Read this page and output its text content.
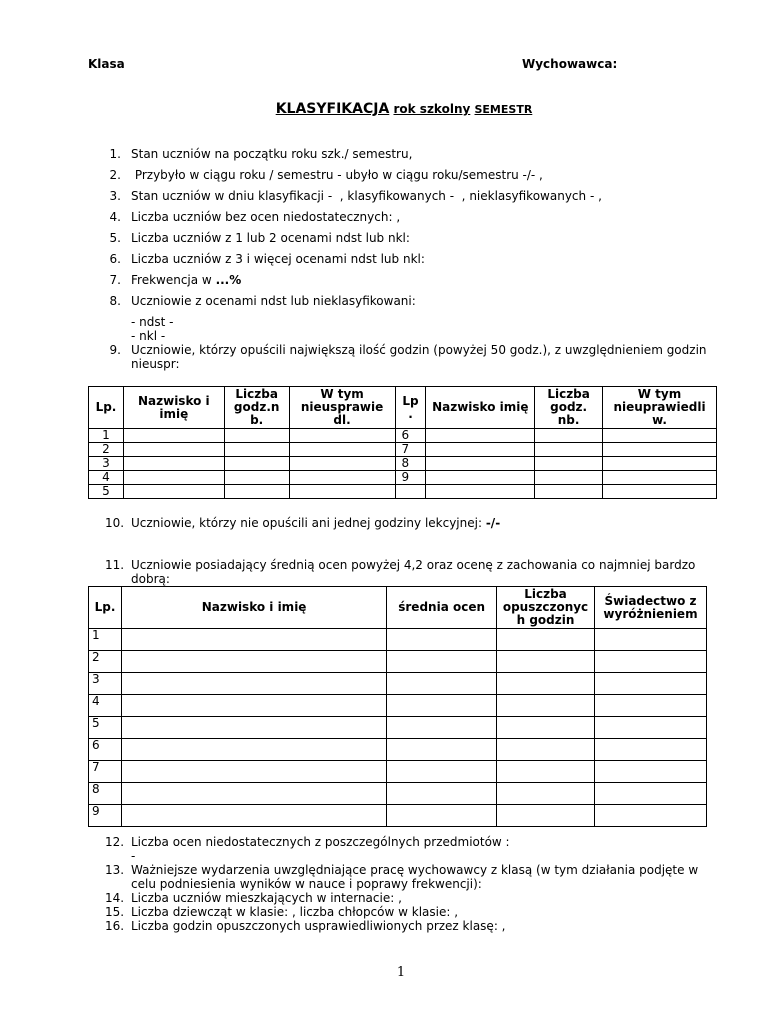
Klasa	Wychowawca:
KLASYFIKACJA rok szkolny SEMESTR
1. Stan uczniów na początku roku szk./ semestru,
2. Przybyło w ciągu roku / semestru - ubyło w ciągu roku/semestru -/- ,
3. Stan uczniów w dniu klasyfikacji -  , klasyfikowanych -  , nieklasyfikowanych - ,
4. Liczba uczniów bez ocen niedostatecznych: ,
5. Liczba uczniów z 1 lub 2 ocenami ndst lub nkl:
6. Liczba uczniów z 3 i więcej ocenami ndst lub nkl:
7. Frekwencja w ...%
8. Uczniowie z ocenami ndst lub nieklasyfikowani:
- ndst -
- nkl -
9. Uczniowie, którzy opuścili największą ilość godzin (powyżej 50 godz.), z uwzględnieniem godzin nieuspr:
Lp.	Nazwisko i imię	Liczba godz.n b.	W tym nieusprawie dl.	Lp .	Nazwisko imię	Liczba godz. nb.	W tym nieuprawiedli w.
1				6			
2				7			
3				8			
4				9			
5							
10. Uczniowie, którzy nie opuścili ani jednej godziny lekcyjnej: -/-
11. Uczniowie posiadający średnią ocen powyżej 4,2 oraz ocenę z zachowania co najmniej bardzo dobrą:
Lp.	Nazwisko i imię	średnia ocen	Liczba opuszczonyc h godzin	Świadectwo z wyróżnieniem
1				
2				
3				
4				
5				
6				
7				
8				
9				
12. Liczba ocen niedostatecznych z poszczególnych przedmiotów :
-
13. Ważniejsze wydarzenia uwzględniające pracę wychowawcy z klasą (w tym działania podjęte w celu podniesienia wyników w nauce i poprawy frekwencji):
14. Liczba uczniów mieszkających w internacie: ,
15. Liczba dziewcząt w klasie: , liczba chłopców w klasie: ,
16. Liczba godzin opuszczonych usprawiedliwionych przez klasę: ,
1
